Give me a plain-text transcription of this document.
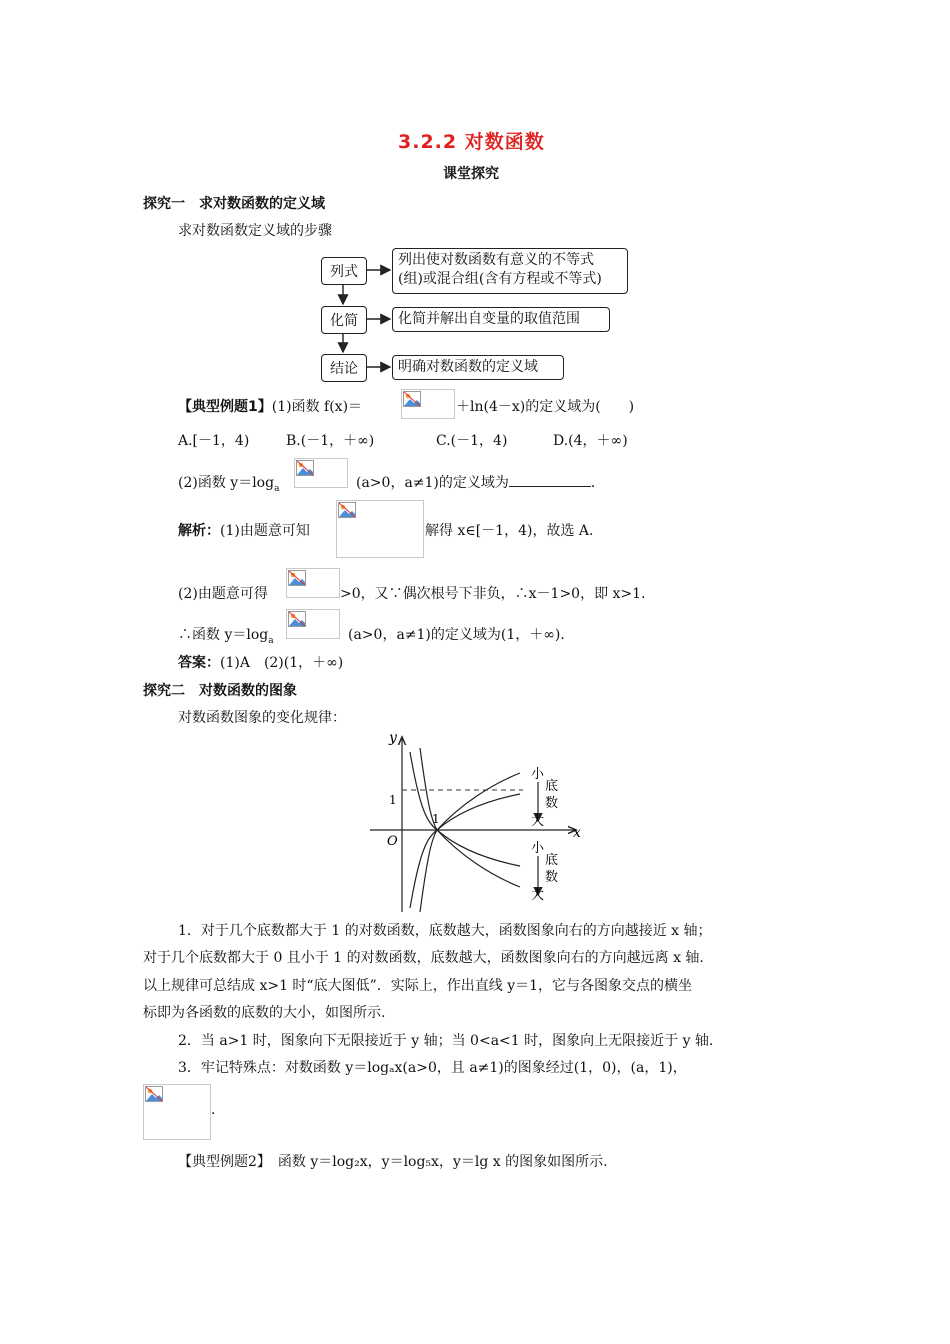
3.2.2 对数函数
课堂探究
探究一　求对数函数的定义域
求对数函数定义域的步骤
列式
化简
结论
列出使对数函数有意义的不等式
(组)或混合组(含有方程或不等式)
化简并解出自变量的取值范围
明确对数函数的定义域
【典型例题1】(1)函数 f(x)＝	＋ln(4－x)的定义域为(　　)
A.[－1，4)	B.(－1，＋∞)	C.(－1，4)	D.(4，＋∞)
(2)函数 $y=\log_a$	(a>0，a≠1)的定义域为	．
解析：(1)由题意可知	解得 x∈[－1，4)，故选 A.
(2)由题意可得	>0，又∵偶次根号下非负，∴x－1>0，即 x>1.
∴函数 $y=\log_a$	(a>0，a≠1)的定义域为(1，＋∞).
答案：(1)A　(2)(1，＋∞)
探究二　对数函数的图象
对数函数图象的变化规律：
y
x
O
1
1
小
底
数
大
小
底
数
大
1．对于几个底数都大于 1 的对数函数，底数越大，函数图象向右的方向越接近 x 轴；
对于几个底数都大于 0 且小于 1 的对数函数，底数越大，函数图象向右的方向越远离 x 轴.
以上规律可总结成 x>1 时“底大图低”．实际上，作出直线 y＝1，它与各图象交点的横坐
标即为各函数的底数的大小，如图所示.
2．当 a>1 时，图象向下无限接近于 y 轴；当 0<a<1 时，图象向上无限接近于 y 轴.
3．牢记特殊点：对数函数 y＝logₐx(a>0，且 a≠1)的图象经过(1，0)，(a，1)，
.
【典型例题2】　 函数 y＝log₂x，y＝log₅x，y＝lg x 的图象如图所示.
